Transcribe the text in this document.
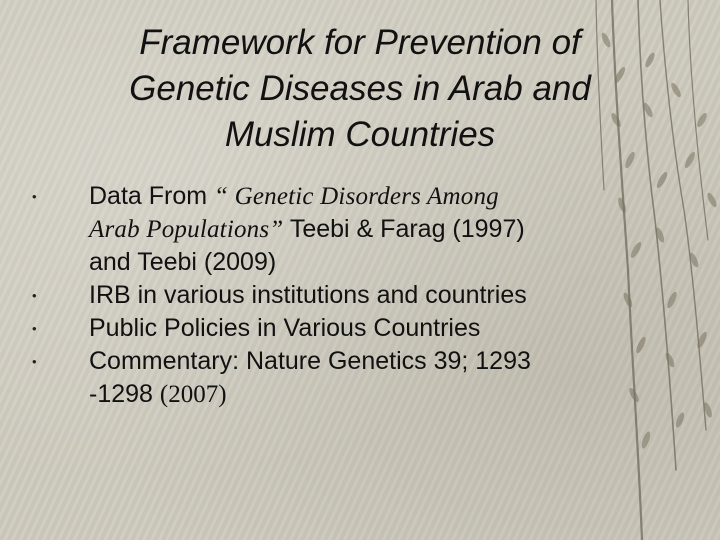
Framework for Prevention of
Genetic Diseases in Arab and
Muslim Countries
• Data From “ Genetic Disorders Among
Arab Populations” Teebi & Farag (1997)
and Teebi (2009)
• IRB in various institutions and countries
• Public Policies in Various Countries
• Commentary: Nature Genetics 39; 1293
-1298 (2007)
